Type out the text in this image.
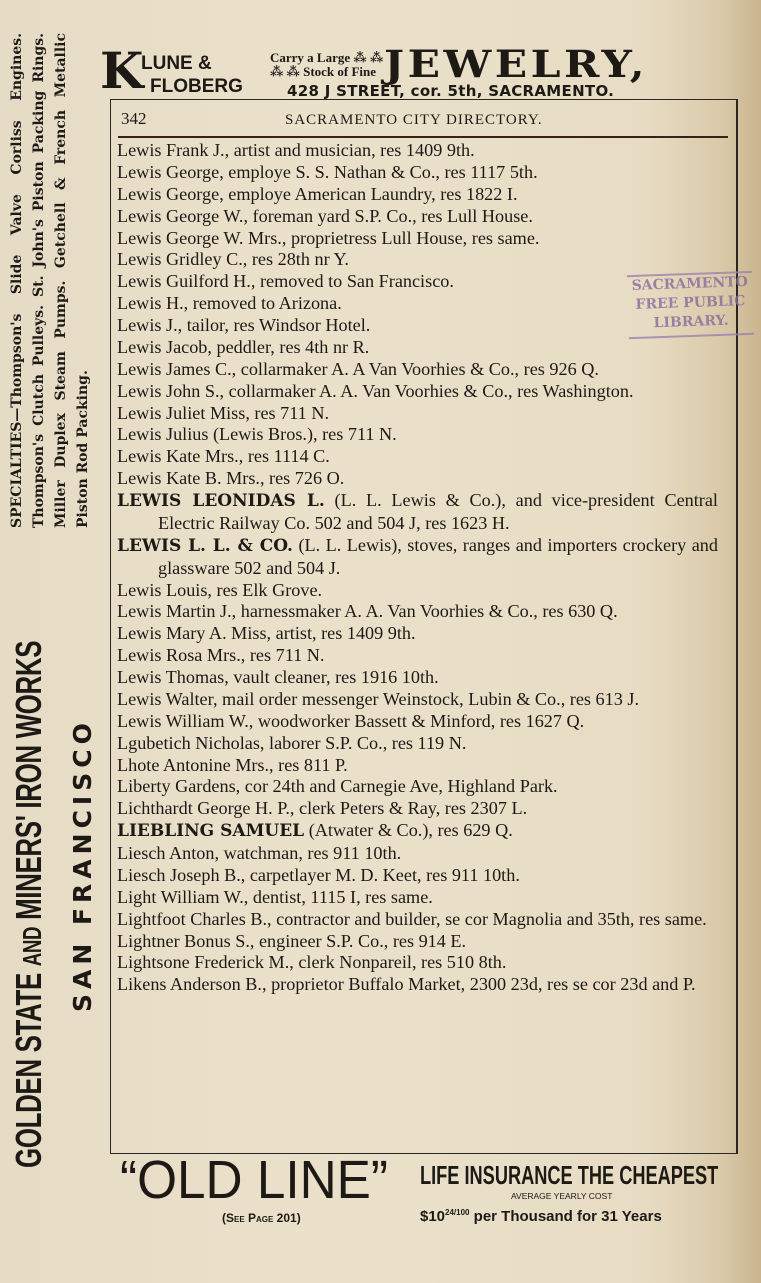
GOLDEN STATE AND MINERS' IRON WORKS SAN FRANCISCO
SPECIALTIES—Thompson's Slide Valve Corliss Engines. Thompson's Clutch Pulleys. St. John's Piston Packing Rings. Miller Duplex Steam Pumps. Getchell & French Metallic Piston Rod Packing.
K
LUNE &
FLOBERG
Carry a Large ⁂ ⁂
⁂ ⁂ Stock of Fine JEWELRY,
428 J STREET, cor. 5th, SACRAMENTO.
342	SACRAMENTO CITY DIRECTORY.
Lewis Frank J., artist and musician, res 1409 9th.
Lewis George, employe S. S. Nathan & Co., res 1117 5th.
Lewis George, employe American Laundry, res 1822 I.
Lewis George W., foreman yard S.P. Co., res Lull House.
Lewis George W. Mrs., proprietress Lull House, res same.
Lewis Gridley C., res 28th nr Y.
Lewis Guilford H., removed to San Francisco.
Lewis H., removed to Arizona.
Lewis J., tailor, res Windsor Hotel.
Lewis Jacob, peddler, res 4th nr R.
Lewis James C., collarmaker A. A Van Voorhies & Co., res 926 Q.
Lewis John S., collarmaker A. A. Van Voorhies & Co., res Washington.
Lewis Juliet Miss, res 711 N.
Lewis Julius (Lewis Bros.), res 711 N.
Lewis Kate Mrs., res 1114 C.
Lewis Kate B. Mrs., res 726 O.
LEWIS LEONIDAS L. (L. L. Lewis & Co.), and vice-president Central Electric Railway Co. 502 and 504 J, res 1623 H.
LEWIS L. L. & CO. (L. L. Lewis), stoves, ranges and importers crockery and glassware 502 and 504 J.
Lewis Louis, res Elk Grove.
Lewis Martin J., harnessmaker A. A. Van Voorhies & Co., res 630 Q.
Lewis Mary A. Miss, artist, res 1409 9th.
Lewis Rosa Mrs., res 711 N.
Lewis Thomas, vault cleaner, res 1916 10th.
Lewis Walter, mail order messenger Weinstock, Lubin & Co., res 613 J.
Lewis William W., woodworker Bassett & Minford, res 1627 Q.
Lgubetich Nicholas, laborer S.P. Co., res 119 N.
Lhote Antonine Mrs., res 811 P.
Liberty Gardens, cor 24th and Carnegie Ave, Highland Park.
Lichthardt George H. P., clerk Peters & Ray, res 2307 L.
LIEBLING SAMUEL (Atwater & Co.), res 629 Q.
Liesch Anton, watchman, res 911 10th.
Liesch Joseph B., carpetlayer M. D. Keet, res 911 10th.
Light William W., dentist, 1115 I, res same.
Lightfoot Charles B., contractor and builder, se cor Magnolia and 35th, res same.
Lightner Bonus S., engineer S.P. Co., res 914 E.
Lightsone Frederick M., clerk Nonpareil, res 510 8th.
Likens Anderson B., proprietor Buffalo Market, 2300 23d, res se cor 23d and P.
SACRAMENTO
FREE PUBLIC
LIBRARY.
“OLD LINE”
(See Page 201)
LIFE INSURANCE THE CHEAPEST
AVERAGE YEARLY COST
$\$10^{24/100}$ per Thousand for 31 Years
